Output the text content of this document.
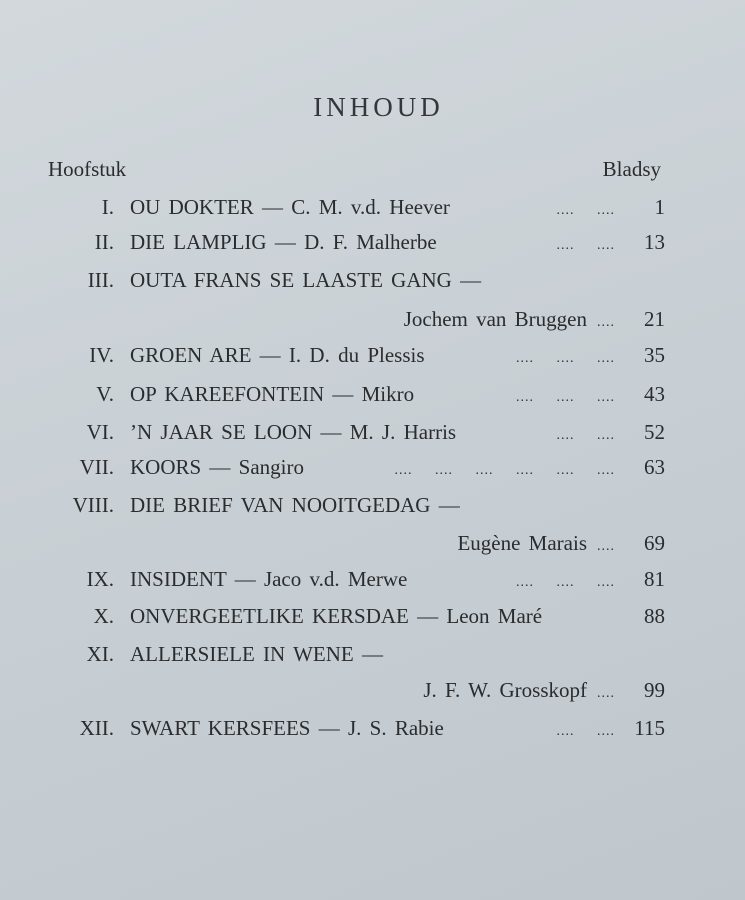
INHOUD
Hoofstuk	Bladsy
I. OU DOKTER — C. M. v.d. Heever	....     ....	1
II. DIE LAMPLIG — D. F. Malherbe	....     ....	13
III. OUTA FRANS SE LAASTE GANG —
Jochem van Bruggen ....	21
IV. GROEN ARE — I. D. du Plessis	....     ....     ....	35
V. OP KAREEFONTEIN — Mikro	....     ....     ....	43
VI. ’N JAAR SE LOON — M. J. Harris	....     ....	52
VII. KOORS — Sangiro	....     ....     ....     ....     ....     ....	63
VIII. DIE BRIEF VAN NOOITGEDAG —
Eugène Marais ....	69
IX. INSIDENT — Jaco v.d. Merwe	....     ....     ....	81
X. ONVERGEETLIKE KERSDAE — Leon Maré	88
XI. ALLERSIELE IN WENE —
J. F. W. Grosskopf ....	99
XII. SWART KERSFEES — J. S. Rabie	....     .... 115
